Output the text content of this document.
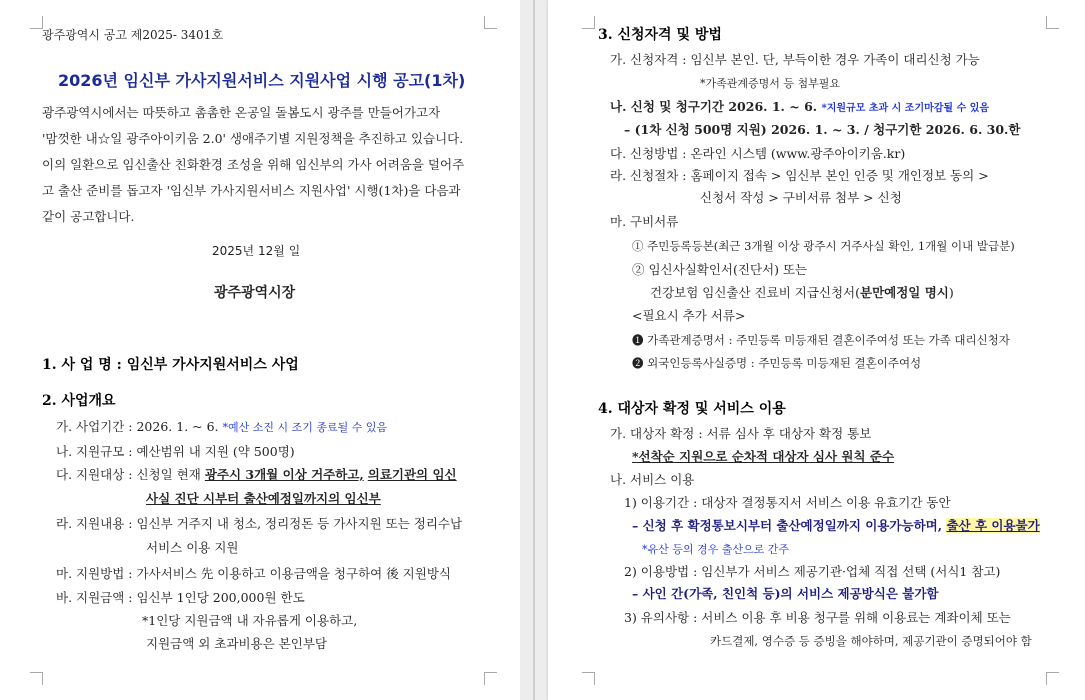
광주광역시 공고 제2025- 3401호
2026년 임신부 가사지원서비스 지원사업 시행 공고(1차)
광주광역시에서는 따뜻하고 촘촘한 온공일 돌봄도시 광주를 만들어가고자
'맘껏한 내☆일 광주아이키움 2.0' 생애주기별 지원정책을 추진하고 있습니다.
이의 일환으로 임신출산 친화환경 조성을 위해 임신부의 가사 어려움을 덜어주
고 출산 준비를 돕고자 '임신부 가사지원서비스 지원사업' 시행(1차)을 다음과
같이 공고합니다.
2025년 12월 일
광주광역시장
1. 사 업 명 : 임신부 가사지원서비스 사업
2. 사업개요
가. 사업기간 : 2026. 1. ~ 6. *예산 소진 시 조기 종료될 수 있음
나. 지원규모 : 예산범위 내 지원 (약 500명)
다. 지원대상 : 신청일 현재 광주시 3개월 이상 거주하고, 의료기관의 임신
사실 진단 시부터 출산예정일까지의 임신부
라. 지원내용 : 임신부 거주지 내 청소, 정리정돈 등 가사지원 또는 정리수납
서비스 이용 지원
마. 지원방법 : 가사서비스 先 이용하고 이용금액을 청구하여 後 지원방식
바. 지원금액 : 임신부 1인당 200,000원 한도
*1인당 지원금액 내 자유롭게 이용하고,
지원금액 외 초과비용은 본인부담
3. 신청자격 및 방법
가. 신청자격 : 임신부 본인. 단, 부득이한 경우 가족이 대리신청 가능
*가족관계증명서 등 첨부필요
나. 신청 및 청구기간 2026. 1. ~ 6. *지원규모 초과 시 조기마감될 수 있음
– (1차 신청 500명 지원) 2026. 1. ~ 3. / 청구기한 2026. 6. 30.한
다. 신청방법 : 온라인 시스템 (www.광주아이키움.kr)
라. 신청절차 : 홈페이지 접속 > 임신부 본인 인증 및 개인정보 동의 >
신청서 작성 > 구비서류 첨부 > 신청
마. 구비서류
① 주민등록등본(최근 3개월 이상 광주시 거주사실 확인, 1개월 이내 발급분)
② 임신사실확인서(진단서) 또는
건강보험 임신출산 진료비 지급신청서(분만예정일 명시)
<필요시 추가 서류>
❶ 가족관계증명서 : 주민등록 미등재된 결혼이주여성 또는 가족 대리신청자
❷ 외국인등록사실증명 : 주민등록 미등재된 결혼이주여성
4. 대상자 확정 및 서비스 이용
가. 대상자 확정 : 서류 심사 후 대상자 확정 통보
*선착순 지원으로 순차적 대상자 심사 원칙 준수
나. 서비스 이용
1) 이용기간 : 대상자 결정통지서 서비스 이용 유효기간 동안
– 신청 후 확정통보시부터 출산예정일까지 이용가능하며, 출산 후 이용불가
*유산 등의 경우 출산으로 간주
2) 이용방법 : 임신부가 서비스 제공기관·업체 직접 선택 (서식1 참고)
– 사인 간(가족, 친인척 등)의 서비스 제공방식은 불가함
3) 유의사항 : 서비스 이용 후 비용 청구를 위해 이용료는 계좌이체 또는
카드결제, 영수증 등 증빙을 해야하며, 제공기관이 증명되어야 함
